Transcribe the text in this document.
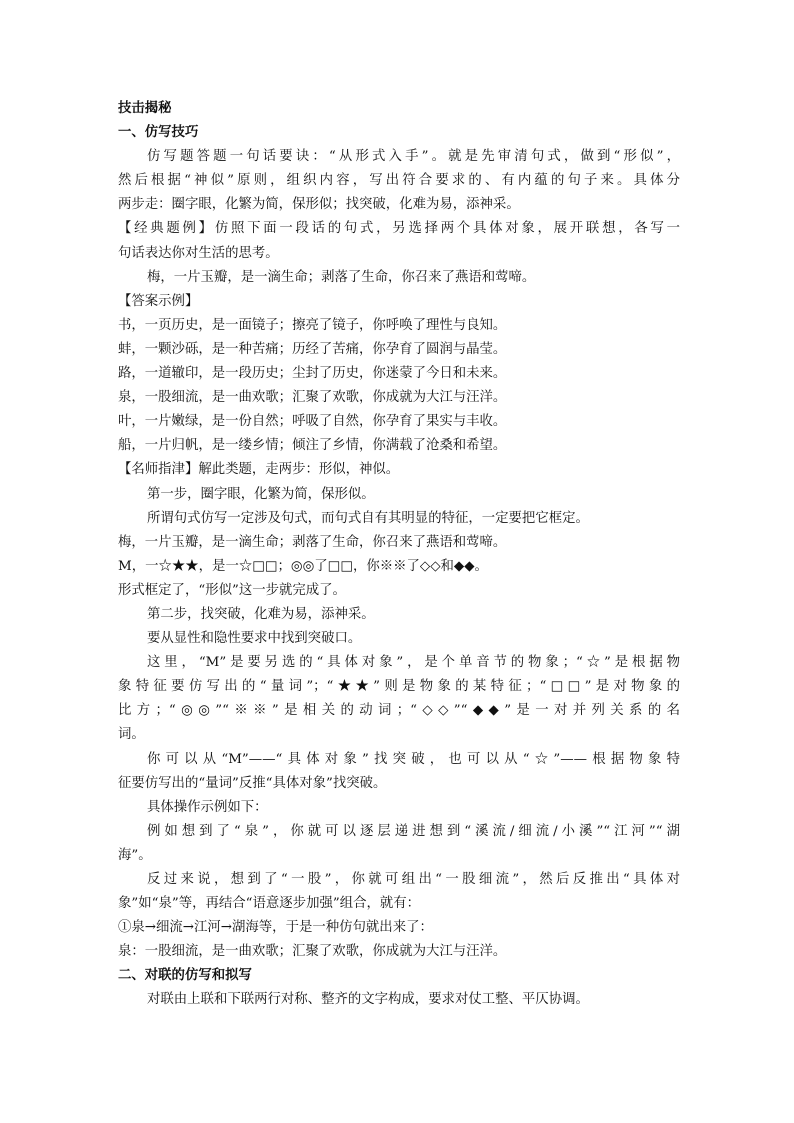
技击揭秘
一、仿写技巧
仿写题答题一句话要诀：“从形式入手”。就是先审清句式，做到“形似”，
然后根据“神似”原则，组织内容，写出符合要求的、有内蕴的句子来。具体分
两步走：圈字眼，化繁为简，保形似；找突破，化难为易，添神采。
【经典题例】仿照下面一段话的句式，另选择两个具体对象，展开联想，各写一
句话表达你对生活的思考。
梅，一片玉瓣，是一滴生命；剥落了生命，你召来了燕语和莺啼。
【答案示例】
书，一页历史，是一面镜子；擦亮了镜子，你呼唤了理性与良知。
蚌，一颗沙砾，是一种苦痛；历经了苦痛，你孕育了圆润与晶莹。
路，一道辙印，是一段历史；尘封了历史，你迷蒙了今日和未来。
泉，一股细流，是一曲欢歌；汇聚了欢歌，你成就为大江与汪洋。
叶，一片嫩绿，是一份自然；呼吸了自然，你孕育了果实与丰收。
船，一片归帆，是一缕乡情；倾注了乡情，你满载了沧桑和希望。
【名师指津】解此类题，走两步：形似，神似。
第一步，圈字眼，化繁为简，保形似。
所谓句式仿写一定涉及句式，而句式自有其明显的特征，一定要把它框定。
梅，一片玉瓣，是一滴生命；剥落了生命，你召来了燕语和莺啼。
M，一☆★★，是一☆□□；◎◎了□□，你※※了◇◇和◆◆。
形式框定了，“形似”这一步就完成了。
第二步，找突破，化难为易，添神采。
要从显性和隐性要求中找到突破口。
这里，“M”是要另选的“具体对象”，是个单音节的物象；“☆”是根据物
象特征要仿写出的“量词”；“★★”则是物象的某特征；“□□”是对物象的
比方；“◎◎”“※※”是相关的动词；“◇◇”“◆◆”是一对并列关系的名
词。
你可以从“M”——“具体对象”找突破，也可以从“☆”——根据物象特
征要仿写出的“量词”反推“具体对象”找突破。
具体操作示例如下：
例如想到了“泉”，你就可以逐层递进想到“溪流/细流/小溪”“江河”“湖
海”。
反过来说，想到了“一股”，你就可组出“一股细流”，然后反推出“具体对
象”如“泉”等，再结合“语意逐步加强”组合，就有：
①泉→细流→江河→湖海等，于是一种仿句就出来了：
泉：一股细流，是一曲欢歌；汇聚了欢歌，你成就为大江与汪洋。
二、对联的仿写和拟写
对联由上联和下联两行对称、整齐的文字构成，要求对仗工整、平仄协调。
